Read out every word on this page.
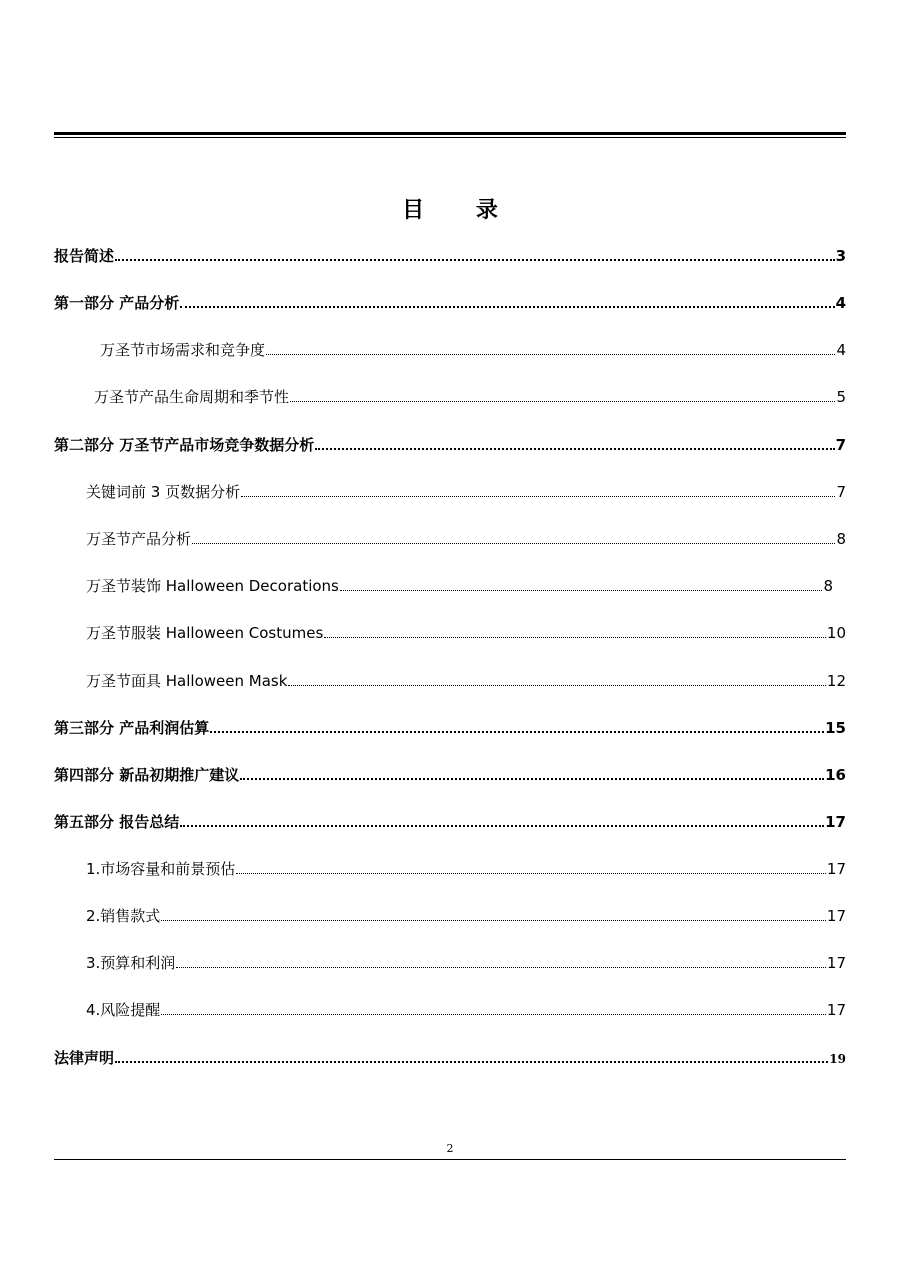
目 录
报告简述	3
第一部分 产品分析	4
万圣节市场需求和竞争度	4
万圣节产品生命周期和季节性	5
第二部分 万圣节产品市场竞争数据分析	7
关键词前 3 页数据分析	7
万圣节产品分析	8
万圣节装饰 Halloween Decorations	8
万圣节服装 Halloween Costumes	10
万圣节面具 Halloween Mask	12
第三部分 产品利润估算	15
第四部分 新品初期推广建议	16
第五部分 报告总结	17
1.市场容量和前景预估	17
2.销售款式	17
3.预算和利润	17
4.风险提醒	17
法律声明	19
2
